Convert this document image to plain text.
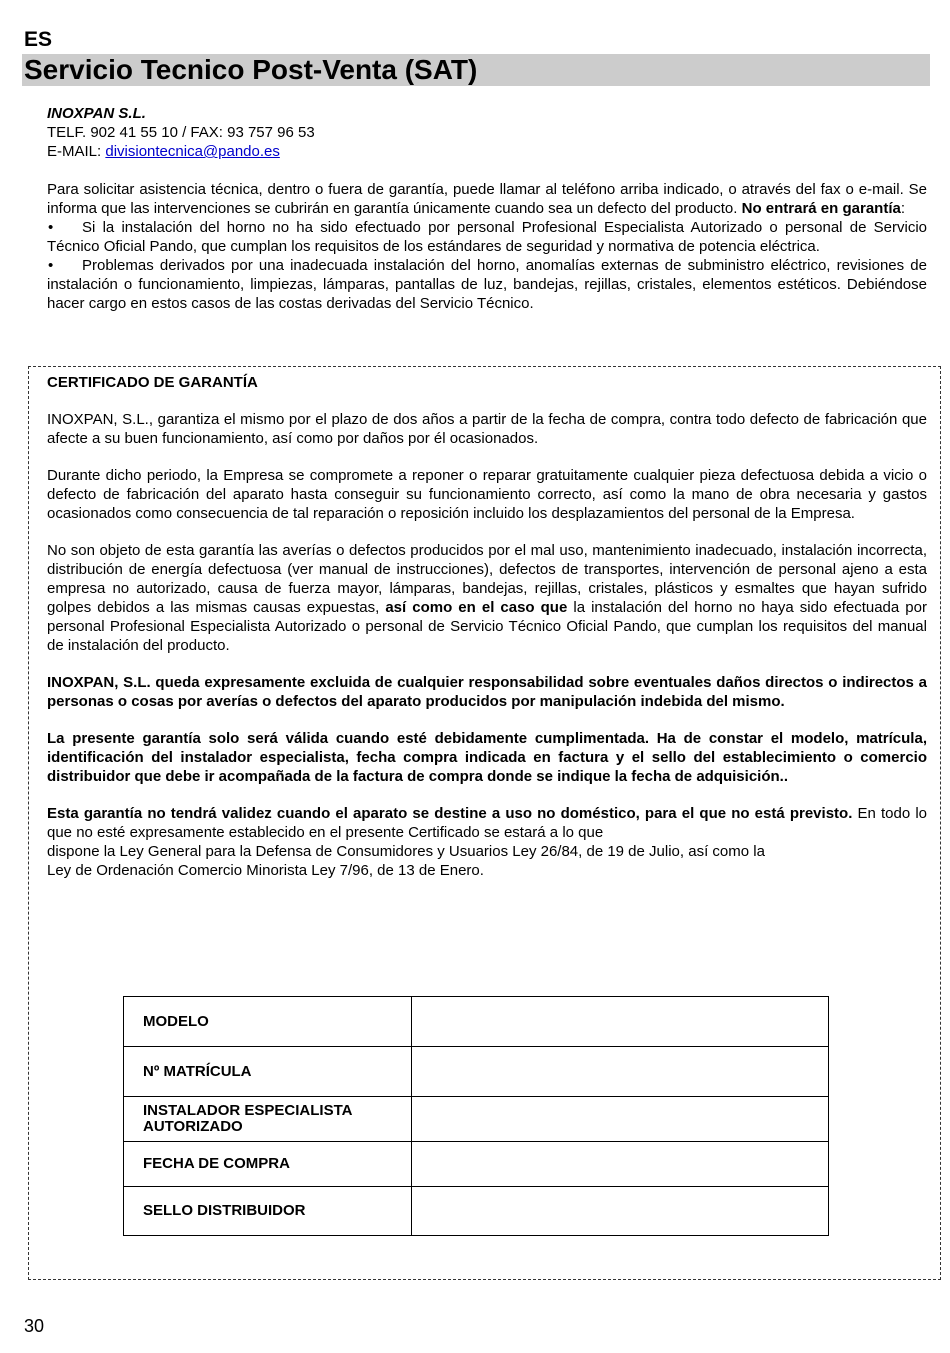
ES
Servicio Tecnico Post-Venta (SAT)
INOXPAN S.L.
TELF. 902 41 55 10 / FAX: 93 757 96 53
E-MAIL: divisiontecnica@pando.es

Para solicitar asistencia técnica, dentro o fuera de garantía, puede llamar al teléfono arriba indicado, o através del fax o e-mail. Se informa que las intervenciones se cubrirán en garantía únicamente cuando sea un defecto del producto. No entrará en garantía:

• Si la instalación del horno no ha sido efectuado por personal Profesional Especialista Autorizado o personal de Servicio Técnico Oficial Pando, que cumplan los requisitos de los estándares de seguridad y normativa de potencia eléctrica.

• Problemas derivados por una inadecuada instalación del horno, anomalías externas de subministro eléctrico, revisiones de instalación o funcionamiento, limpiezas, lámparas, pantallas de luz, bandejas, rejillas, cristales, elementos estéticos. Debiéndose hacer cargo en estos casos de las costas derivadas del Servicio Técnico.

CERTIFICADO DE GARANTÍA

INOXPAN, S.L., garantiza el mismo por el plazo de dos años a partir de la fecha de compra, contra todo defecto de fabricación que afecte a su buen funcionamiento, así como por daños por él ocasionados.

Durante dicho periodo, la Empresa se compromete a reponer o reparar gratuitamente cualquier pieza defectuosa debida a vicio o defecto de fabricación del aparato hasta conseguir su funcionamiento correcto, así como la mano de obra necesaria y gastos ocasionados como consecuencia de tal reparación o reposición incluido los desplazamientos del personal de la Empresa.

No son objeto de esta garantía las averías o defectos producidos por el mal uso, mantenimiento inadecuado, instalación incorrecta, distribución de energía defectuosa (ver manual de instrucciones), defectos de transportes, intervención de personal ajeno a esta empresa no autorizado, causa de fuerza mayor, lámparas, bandejas, rejillas, cristales, plásticos y esmaltes que hayan sufrido golpes debidos a las mismas causas expuestas, así como en el caso que la instalación del horno no haya sido efectuada por personal Profesional Especialista Autorizado o personal de Servicio Técnico Oficial Pando, que cumplan los requisitos del manual de instalación del producto.

INOXPAN, S.L. queda expresamente excluida de cualquier responsabilidad sobre eventuales daños directos o indirectos a personas o cosas por averías o defectos del aparato producidos por manipulación indebida del mismo.

La presente garantía solo será válida cuando esté debidamente cumplimentada. Ha de constar el modelo, matrícula, identificación del instalador especialista, fecha compra indicada en factura y el sello del establecimiento o comercio distribuidor que debe ir acompañada de la factura de compra donde se indique la fecha de adquisición..

Esta garantía no tendrá validez cuando el aparato se destine a uso no doméstico, para el que no está previsto. En todo lo que no esté expresamente establecido en el presente Certificado se estará a lo que
dispone la Ley General para la Defensa de Consumidores y Usuarios Ley 26/84, de 19 de Julio, así como la
Ley de Ordenación Comercio Minorista Ley 7/96, de 13 de Enero.

MODELO	
Nº MATRÍCULA	
INSTALADOR ESPECIALISTA AUTORIZADO	
FECHA DE COMPRA	
SELLO DISTRIBUIDOR	
30
